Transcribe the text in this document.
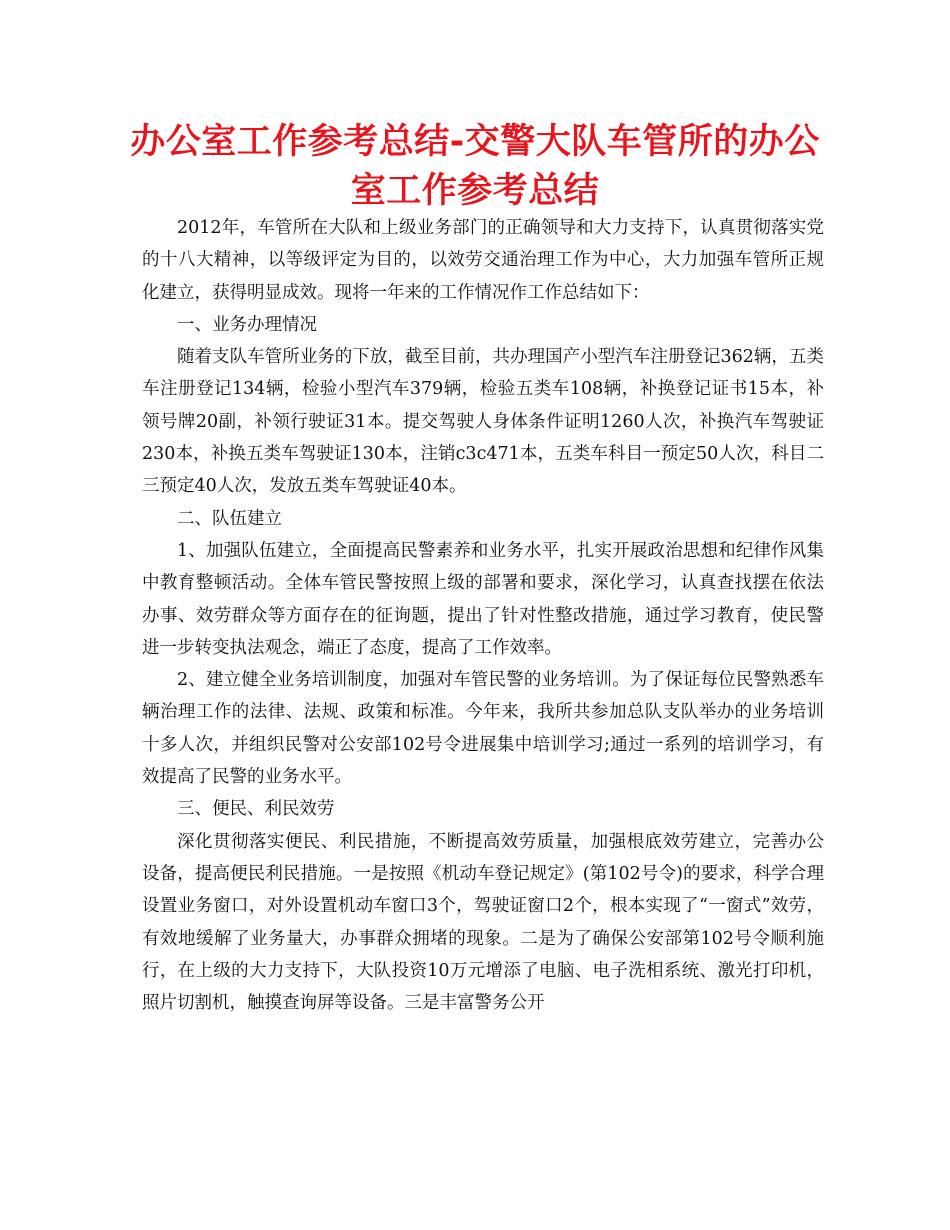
办公室工作参考总结-交警大队车管所的办公室工作参考总结

2012年，车管所在大队和上级业务部门的正确领导和大力支持下，认真贯彻落实党的十八大精神，以等级评定为目的，以效劳交通治理工作为中心，大力加强车管所正规化建立，获得明显成效。现将一年来的工作情况作工作总结如下：

一、业务办理情况

随着支队车管所业务的下放，截至目前，共办理国产小型汽车注册登记362辆，五类车注册登记134辆，检验小型汽车379辆，检验五类车108辆，补换登记证书15本，补领号牌20副，补领行驶证31本。提交驾驶人身体条件证明1260人次，补换汽车驾驶证230本，补换五类车驾驶证130本，注销c3c471本，五类车科目一预定50人次，科目二三预定40人次，发放五类车驾驶证40本。

二、队伍建立

1、加强队伍建立，全面提高民警素养和业务水平，扎实开展政治思想和纪律作风集中教育整顿活动。全体车管民警按照上级的部署和要求，深化学习，认真查找摆在依法办事、效劳群众等方面存在的征询题，提出了针对性整改措施，通过学习教育，使民警进一步转变执法观念，端正了态度，提高了工作效率。

2、建立健全业务培训制度，加强对车管民警的业务培训。为了保证每位民警熟悉车辆治理工作的法律、法规、政策和标准。今年来，我所共参加总队支队举办的业务培训十多人次，并组织民警对公安部102号令进展集中培训学习;通过一系列的培训学习，有效提高了民警的业务水平。

三、便民、利民效劳

深化贯彻落实便民、利民措施，不断提高效劳质量，加强根底效劳建立，完善办公设备，提高便民利民措施。一是按照《机动车登记规定》(第102号令)的要求，科学合理设置业务窗口，对外设置机动车窗口3个，驾驶证窗口2个，根本实现了“一窗式”效劳，有效地缓解了业务量大，办事群众拥堵的现象。二是为了确保公安部第102号令顺利施行，在上级的大力支持下，大队投资10万元增添了电脑、电子洗相系统、激光打印机，照片切割机，触摸查询屏等设备。三是丰富警务公开
